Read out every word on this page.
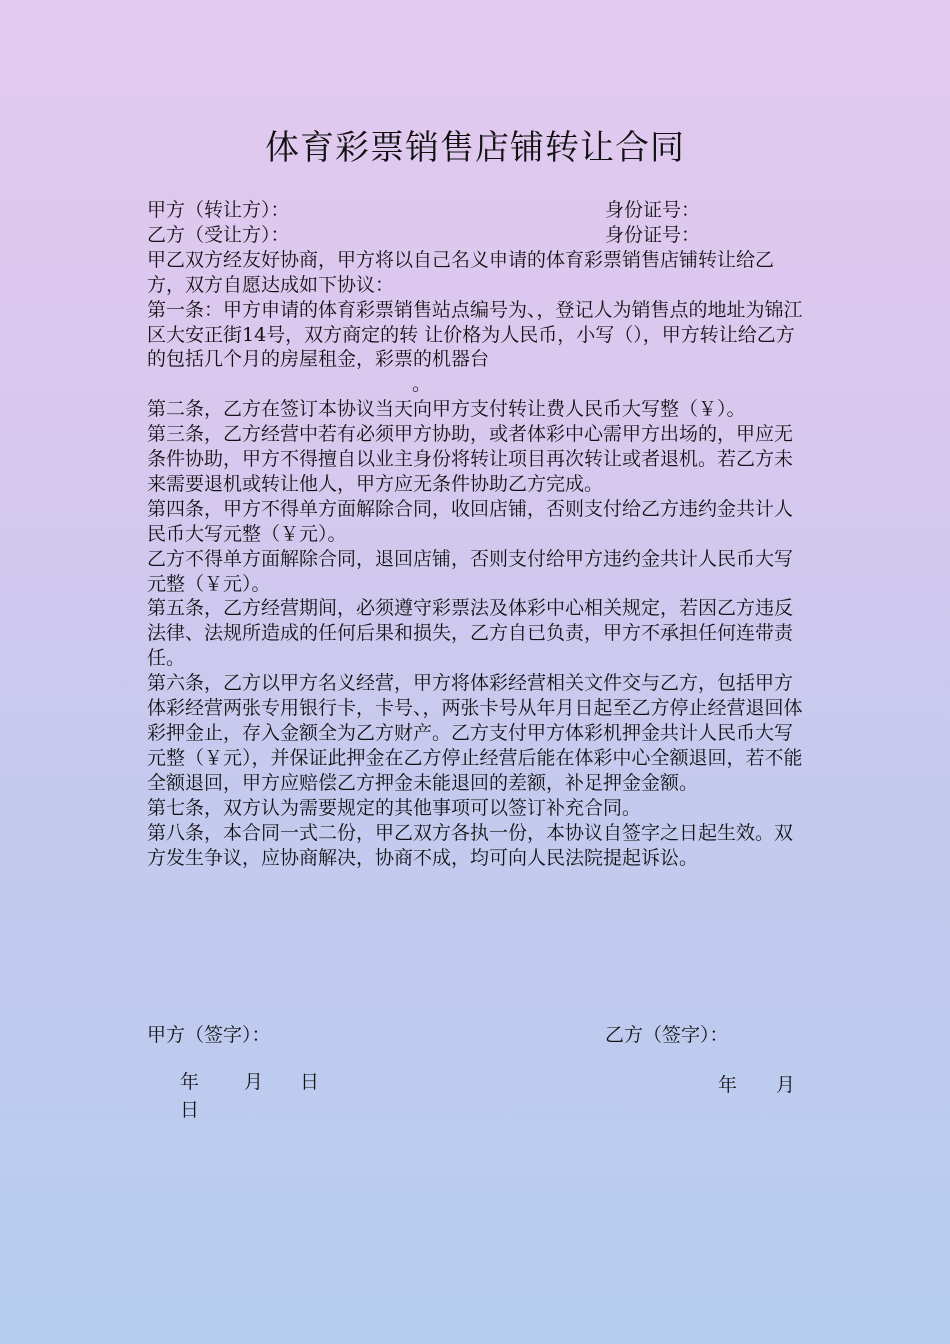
体育彩票销售店铺转让合同
甲方（转让方）：	身份证号：
乙方（受让方）：	身份证号：

甲乙双方经友好协商，甲方将以自己名义申请的体育彩票销售店铺转让给乙方，双方自愿达成如下协议：

第一条：甲方申请的体育彩票销售站点编号为、，登记人为销售点的地址为锦江区大安正街14号，双方商定的转 让价格为人民币，小写（），甲方转让给乙方的包括几个月的房屋租金，彩票的机器台

。

第二条，乙方在签订本协议当天向甲方支付转让费人民币大写整（￥）。

第三条，乙方经营中若有必须甲方协助，或者体彩中心需甲方出场的，甲应无条件协助，甲方不得擅自以业主身份将转让项目再次转让或者退机。若乙方未来需要退机或转让他人，甲方应无条件协助乙方完成。

第四条，甲方不得单方面解除合同，收回店铺，否则支付给乙方违约金共计人民币大写元整（￥元）。

乙方不得单方面解除合同，退回店铺，否则支付给甲方违约金共计人民币大写元整（￥元）。

第五条，乙方经营期间，必须遵守彩票法及体彩中心相关规定，若因乙方违反法律、法规所造成的任何后果和损失，乙方自已负责，甲方不承担任何连带责任。

第六条，乙方以甲方名义经营，甲方将体彩经营相关文件交与乙方，包括甲方体彩经营两张专用银行卡，卡号、，两张卡号从年月日起至乙方停止经营退回体彩押金止，存入金额全为乙方财产。乙方支付甲方体彩机押金共计人民币大写元整（￥元），并保证此押金在乙方停止经营后能在体彩中心全额退回，若不能全额退回，甲方应赔偿乙方押金未能退回的差额，补足押金金额。

第七条，双方认为需要规定的其他事项可以签订补充合同。

第八条，本合同一式二份，甲乙双方各执一份，本协议自签字之日起生效。双方发生争议，应协商解决，协商不成，均可向人民法院提起诉讼。

甲方（签字）：	乙方（签字）：
年 月 日	年 月
日
